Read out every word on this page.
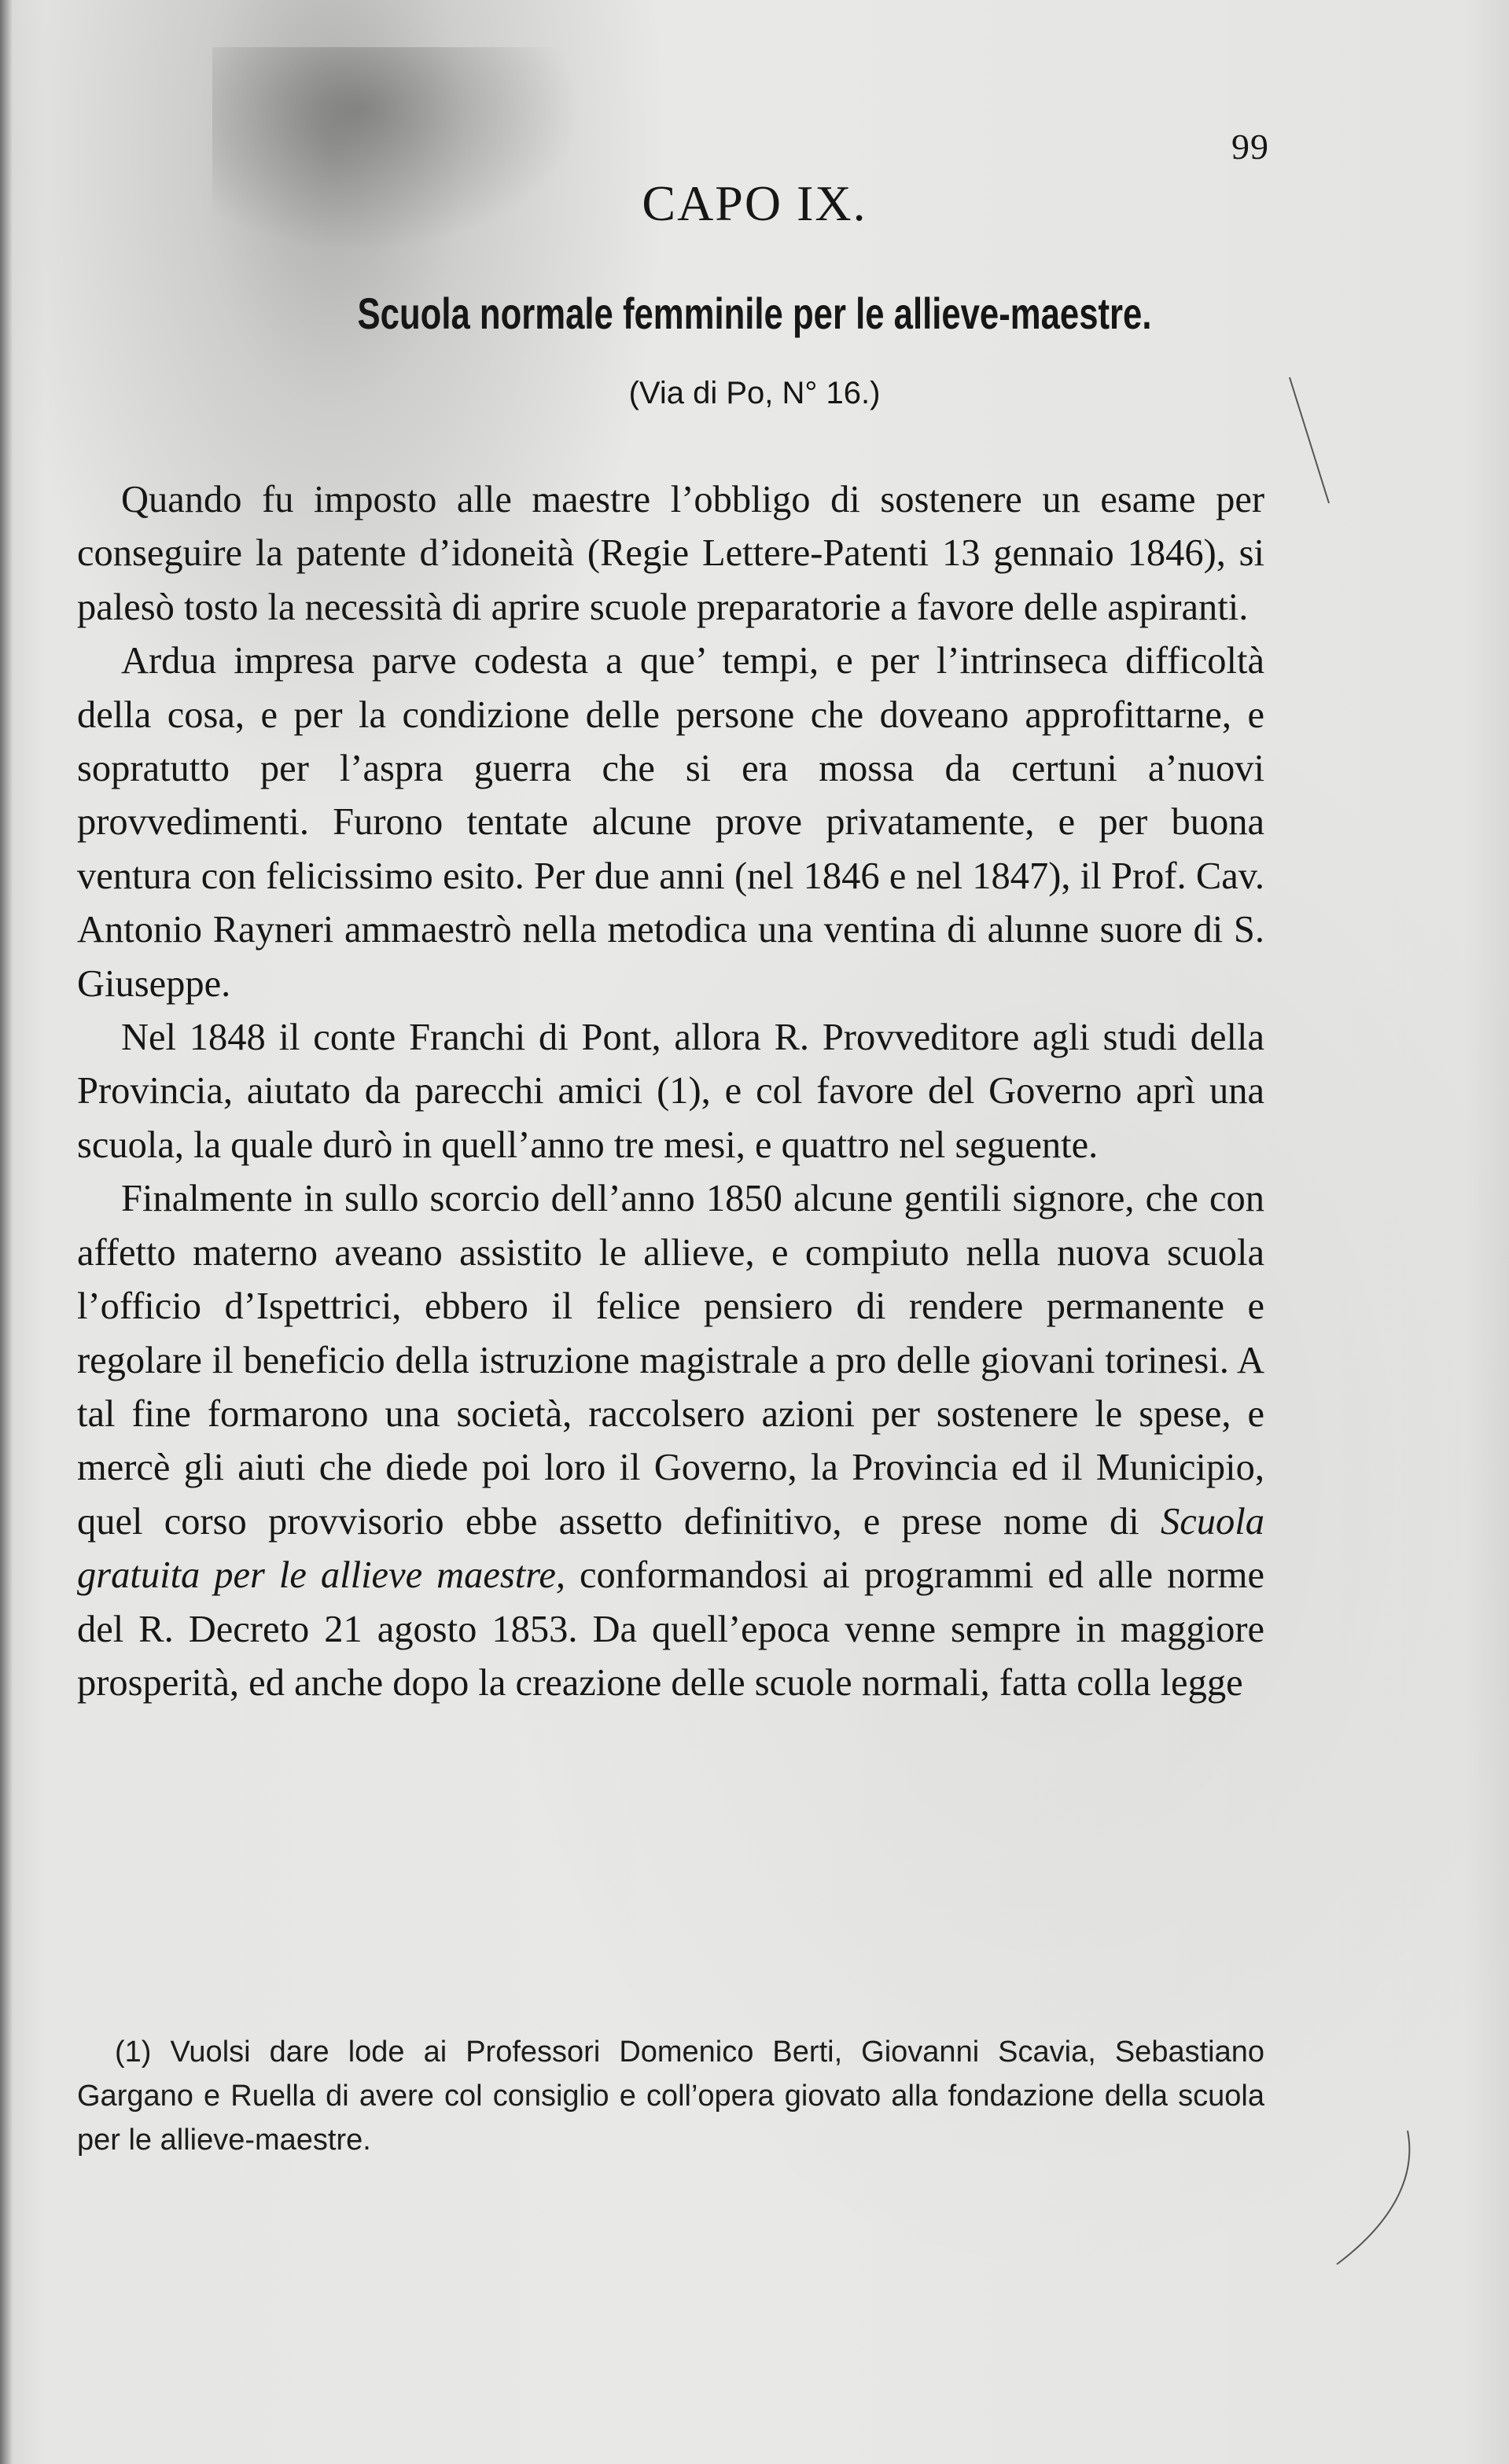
99
CAPO IX.
Scuola normale femminile per le allieve-maestre.
(Via di Po, N° 16.)

Quando fu imposto alle maestre l’obbligo di sostenere un esame per conseguire la patente d’idoneità (Regie Lettere-Patenti 13 gennaio 1846), si palesò tosto la necessità di aprire scuole preparatorie a favore delle aspiranti.

Ardua impresa parve codesta a que’ tempi, e per l’intrinseca difficoltà della cosa, e per la condizione delle persone che doveano approfittarne, e sopratutto per l’aspra guerra che si era mossa da certuni a’nuovi provvedimenti. Furono tentate alcune prove privatamente, e per buona ventura con felicissimo esito. Per due anni (nel 1846 e nel 1847), il Prof. Cav. Antonio Rayneri ammaestrò nella metodica una ventina di alunne suore di S. Giuseppe.

Nel 1848 il conte Franchi di Pont, allora R. Provveditore agli studi della Provincia, aiutato da parecchi amici (1), e col favore del Governo aprì una scuola, la quale durò in quell’anno tre mesi, e quattro nel seguente.

Finalmente in sullo scorcio dell’anno 1850 alcune gentili signore, che con affetto materno aveano assistito le allieve, e compiuto nella nuova scuola l’officio d’Ispettrici, ebbero il felice pensiero di rendere permanente e regolare il beneficio della istruzione magistrale a pro delle giovani torinesi. A tal fine formarono una società, raccolsero azioni per sostenere le spese, e mercè gli aiuti che diede poi loro il Governo, la Provincia ed il Municipio, quel corso provvisorio ebbe assetto definitivo, e prese nome di Scuola gratuita per le allieve maestre, conformandosi ai programmi ed alle norme del R. Decreto 21 agosto 1853. Da quell’epoca venne sempre in maggiore prosperità, ed anche dopo la creazione delle scuole normali, fatta colla legge

(1) Vuolsi dare lode ai Professori Domenico Berti, Giovanni Scavia, Sebastiano Gargano e Ruella di avere col consiglio e coll’opera giovato alla fondazione della scuola per le allieve-maestre.
